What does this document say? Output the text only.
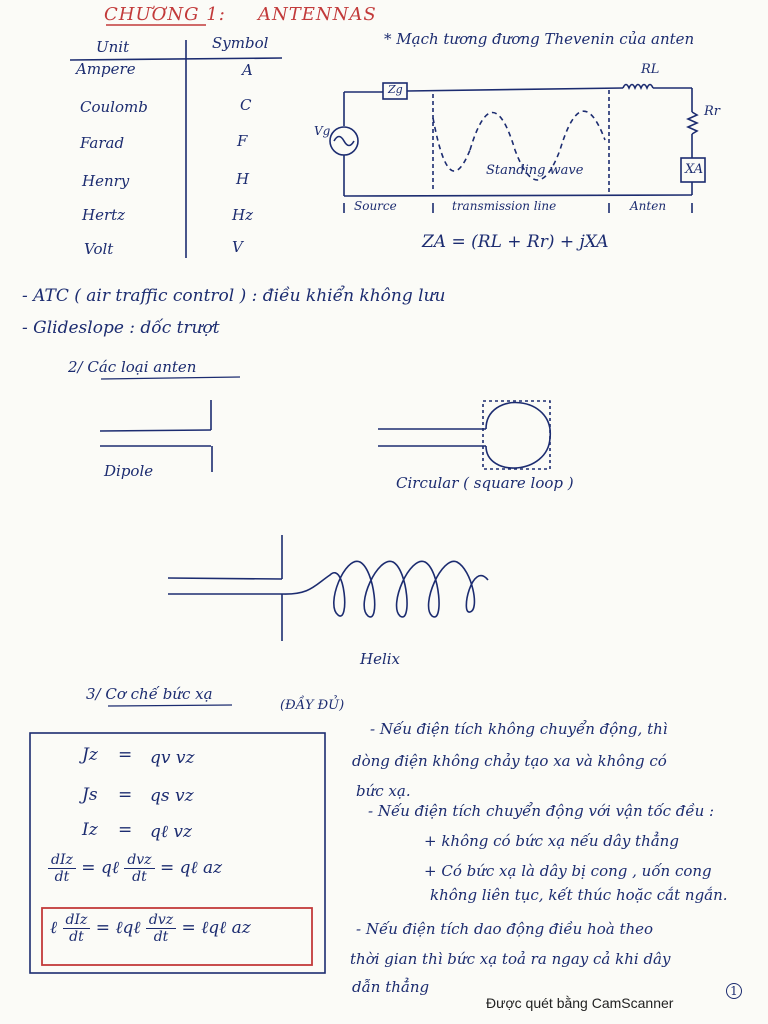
CHƯƠNG 1: ANTENNAS
Unit	Symbol
Ampere	A
Coulomb	C
Farad	F
Henry	H
Hertz	Hz
Volt	V
* Mạch tương đương Thevenin của anten
Zg
RL
Rr
XA
Vg
Standing wave
Source	transmission line	Anten
ZA = (RL + Rr) + jXA
- ATC ( air traffic control ) : điều khiển không lưu
- Glideslope : dốc trượt
2/ Các loại anten
Dipole
Circular ( square loop )
Helix
3/ Cơ chế bức xạ
(ĐẦY ĐỦ)
Jz = qv vz
Js = qs vz
Iz = qℓ vz
$\frac{\text{dIz}}{dt}$ = qℓ $\frac{\text{dvz}}{dt}$ = qℓ az
ℓ $\frac{\text{dIz}}{dt}$ = ℓqℓ $\frac{\text{dvz}}{dt}$ = ℓqℓ az
- Nếu điện tích không chuyển động, thì
dòng điện không chảy tạo xa và không có
bức xạ.
- Nếu điện tích chuyển động với vận tốc đều :
+ không có bức xạ nếu dây thẳng
+ Có bức xạ là dây bị cong , uốn cong
không liên tục, kết thúc hoặc cắt ngắn.
- Nếu điện tích dao động điều hoà theo
thời gian thì bức xạ toả ra ngay cả khi dây
dẫn thẳng
Được quét bằng CamScanner
1
